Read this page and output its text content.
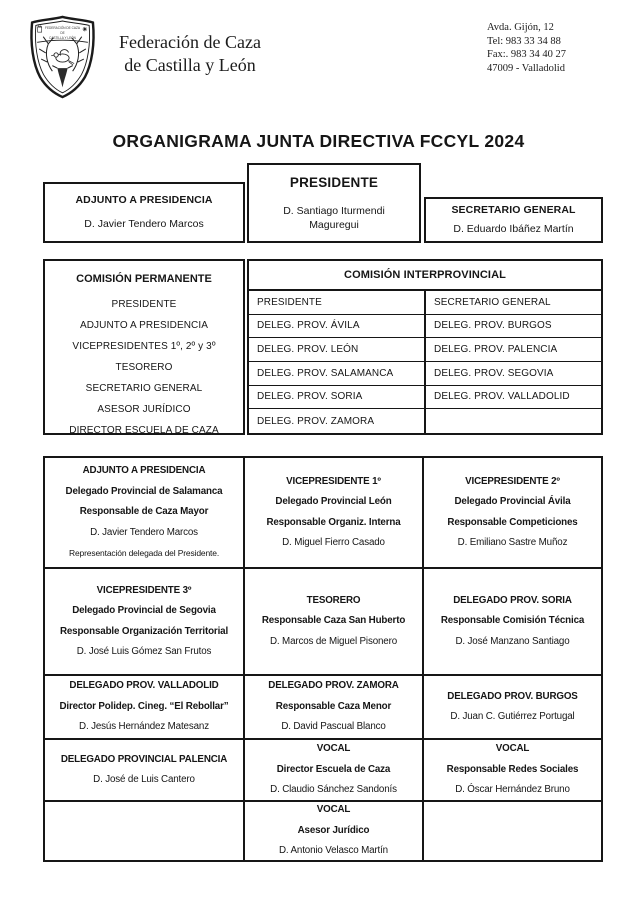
FEDERACIÓN DE CAZA
DE
CASTILLA Y LEÓN	Federación de Caza
de Castilla y León
Avda. Gijón, 12
Tel: 983 33 34 88
Fax:. 983 34 40 27
47009 - Valladolid
ORGANIGRAMA JUNTA DIRECTIVA FCCYL 2024
ADJUNTO A PRESIDENCIA
D. Javier Tendero Marcos
PRESIDENTE
D. Santiago Iturmendi Maguregui
SECRETARIO GENERAL
D. Eduardo Ibáñez Martín
COMISIÓN PERMANENTE
PRESIDENTE
ADJUNTO A PRESIDENCIA
VICEPRESIDENTES 1º, 2º y 3º
TESORERO
SECRETARIO GENERAL
ASESOR JURÍDICO
DIRECTOR ESCUELA DE CAZA
COMISIÓN INTERPROVINCIAL
PRESIDENTE	SECRETARIO GENERAL
DELEG. PROV. ÁVILA	DELEG. PROV. BURGOS
DELEG. PROV. LEÓN	DELEG. PROV. PALENCIA
DELEG. PROV. SALAMANCA	DELEG. PROV. SEGOVIA
DELEG. PROV. SORIA	DELEG. PROV. VALLADOLID
DELEG. PROV. ZAMORA
ADJUNTO A PRESIDENCIA
Delegado Provincial de Salamanca
Responsable de Caza Mayor
D. Javier Tendero Marcos
Representación delegada del Presidente.
VICEPRESIDENTE 1º
Delegado Provincial León
Responsable Organiz. Interna
D. Miguel Fierro Casado
VICEPRESIDENTE 2º
Delegado Provincial Ávila
Responsable Competiciones
D. Emiliano Sastre Muñoz
VICEPRESIDENTE 3º
Delegado Provincial de Segovia
Responsable Organización Territorial
D. José Luis Gómez San Frutos
TESORERO
Responsable Caza San Huberto
D. Marcos de Miguel Pisonero
DELEGADO PROV. SORIA
Responsable Comisión Técnica
D. José Manzano Santiago
DELEGADO PROV. VALLADOLID
Director Polidep. Cineg. “El Rebollar”
D. Jesús Hernández Matesanz
DELEGADO PROV. ZAMORA
Responsable Caza Menor
D. David Pascual Blanco
DELEGADO PROV. BURGOS
D. Juan C. Gutiérrez Portugal
DELEGADO PROVINCIAL PALENCIA
D. José de Luis Cantero
VOCAL
Director Escuela de Caza
D. Claudio Sánchez Sandonís
VOCAL
Responsable Redes Sociales
D. Óscar Hernández Bruno
VOCAL
Asesor Jurídico
D. Antonio Velasco Martín
